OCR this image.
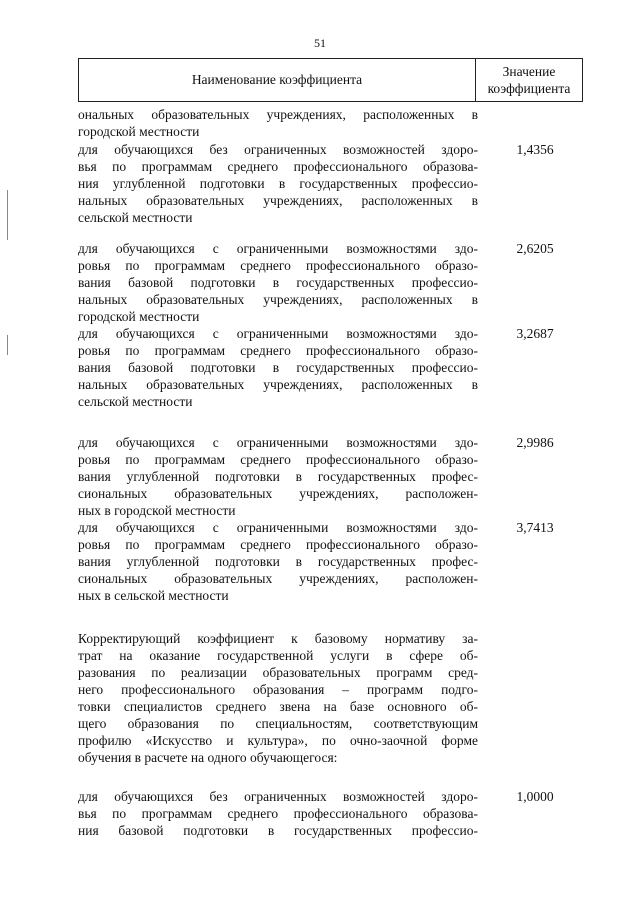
51
Наименование коэффициента
Значение
коэффициента
ональных образовательных учреждениях, расположенных в
городской местности
для обучающихся без ограниченных возможностей здоро-
вья по программам среднего профессионального образова-
ния углубленной подготовки в государственных профессио-
нальных образовательных учреждениях, расположенных в
сельской местности
1,4356
для обучающихся с ограниченными возможностями здо-
ровья по программам среднего профессионального образо-
вания базовой подготовки в государственных профессио-
нальных образовательных учреждениях, расположенных в
городской местности
2,6205
для обучающихся с ограниченными возможностями здо-
ровья по программам среднего профессионального образо-
вания базовой подготовки в государственных профессио-
нальных образовательных учреждениях, расположенных в
сельской местности
3,2687
для обучающихся с ограниченными возможностями здо-
ровья по программам среднего профессионального образо-
вания углубленной подготовки в государственных профес-
сиональных образовательных учреждениях, расположен-
ных в городской местности
2,9986
для обучающихся с ограниченными возможностями здо-
ровья по программам среднего профессионального образо-
вания углубленной подготовки в государственных профес-
сиональных образовательных учреждениях, расположен-
ных в сельской местности
3,7413
Корректирующий коэффициент к базовому нормативу за-
трат на оказание государственной услуги в сфере об-
разования по реализации образовательных программ сред-
него профессионального образования – программ подго-
товки специалистов среднего звена на базе основного об-
щего образования по специальностям, соответствующим
профилю «Искусство и культура», по очно-заочной форме
обучения в расчете на одного обучающегося:
для обучающихся без ограниченных возможностей здоро-
вья по программам среднего профессионального образова-
ния базовой подготовки в государственных профессио-
1,0000
